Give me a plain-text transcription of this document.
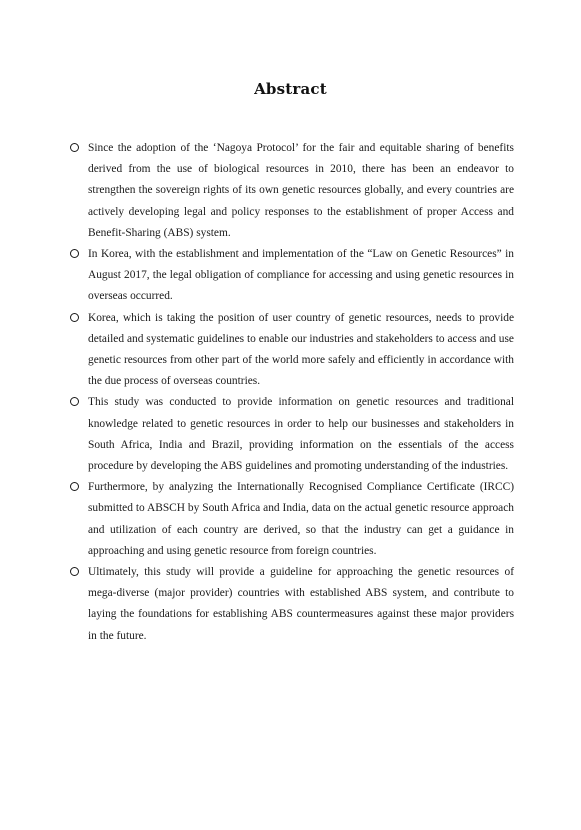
Abstract
Since the adoption of the ‘Nagoya Protocol’ for the fair and equitable sharing of benefits derived from the use of biological resources in 2010, there has been an endeavor to strengthen the sovereign rights of its own genetic resources globally, and every countries are actively developing legal and policy responses to the establishment of proper Access and Benefit-Sharing (ABS) system.
In Korea, with the establishment and implementation of the “Law on Genetic Resources” in August 2017, the legal obligation of compliance for accessing and using genetic resources in overseas occurred.
Korea, which is taking the position of user country of genetic resources, needs to provide detailed and systematic guidelines to enable our industries and stakeholders to access and use genetic resources from other part of the world more safely and efficiently in accordance with the due process of overseas countries.
This study was conducted to provide information on genetic resources and traditional knowledge related to genetic resources in order to help our businesses and stakeholders in South Africa, India and Brazil, providing information on the essentials of the access procedure by developing the ABS guidelines and promoting understanding of the industries.
Furthermore, by analyzing the Internationally Recognised Compliance Certificate (IRCC) submitted to ABSCH by South Africa and India, data on the actual genetic resource approach and utilization of each country are derived, so that the industry can get a guidance in approaching and using genetic resource from foreign countries.
Ultimately, this study will provide a guideline for approaching the genetic resources of mega-diverse (major provider) countries with established ABS system, and contribute to laying the foundations for establishing ABS countermeasures against these major providers in the future.
